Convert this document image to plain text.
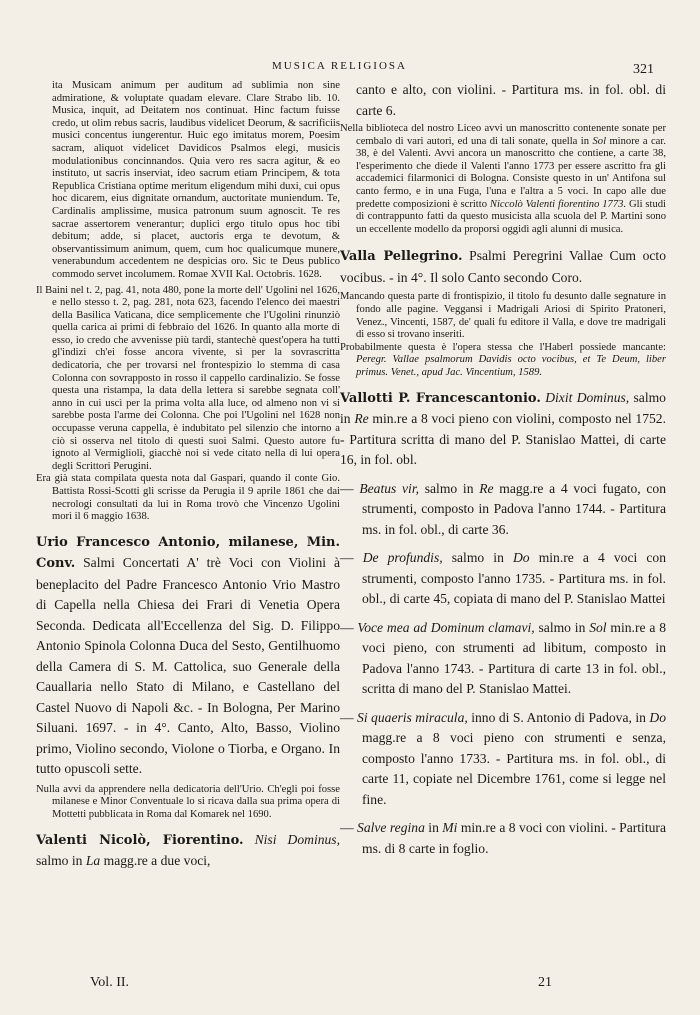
MUSICA RELIGIOSA	321

ita Musicam animum per auditum ad sublimia non sine admiratione, & voluptate quadam elevare. Clare Strabo lib. 10. Musica, inquit, ad Deitatem nos continuat. Hinc factum fuisse credo, ut olim rebus sacris, laudibus videlicet Deorum, & sacrificiis musici concentus iungerentur. Huic ego imitatus morem, Poesim sacram, aliquot videlicet Davidicos Psalmos elegi, musicis modulationibus concinnandos. Quia vero res sacra agitur, & eo instituto, ut sacris inserviat, ideo sacrum etiam Principem, & tota Republica Cristiana optime meritum eligendum mihi duxi, cui opus hoc dicarem, eius dignitate ornandum, auctoritate muniendum. Te, Cardinalis amplissime, musica patronum suum agnoscit. Te res sacrae assertorem venerantur; duplici ergo titulo opus hoc tibi debitum; adde, si placet, auctoris erga te devotum, & observantissimum animum, quem, cum hoc qualicumque munere, venerabundum accedentem ne despicias oro. Sic te Deus publico commodo servet incolumem. Romae XVII Kal. Octobris. 1628.

Il Baini nel t. 2, pag. 41, nota 480, pone la morte dell' Ugolini nel 1626, e nello stesso t. 2, pag. 281, nota 623, facendo l'elenco dei maestri della Basilica Vaticana, dice semplicemente che l'Ugolini rinunziò quella carica ai primi di febbraio del 1626. In quanto alla morte di esso, io credo che avvenisse più tardi, stantechè quest'opera ha tutti gl'indizi ch'ei fosse ancora vivente, sì per la sovrascritta dedicatoria, che per trovarsi nel frontespizio lo stemma di casa Colonna con sovrapposto in rosso il cappello cardinalizio. Se fosse questa una ristampa, la data della lettera si sarebbe segnata coll' anno in cui uscì per la prima volta alla luce, od almeno non vi si sarebbe posta l'arme dei Colonna. Che poi l'Ugolini nel 1628 non occupasse veruna cappella, è indubitato pel silenzio che intorno a ciò si osserva nel titolo di questi suoi Salmi. Questo autore fu ignoto al Vermiglioli, giacchè noi si vede citato nella di lui opera degli Scrittori Perugini.

Era già stata compilata questa nota dal Gaspari, quando il conte Gio. Battista Rossi-Scotti gli scrisse da Perugia il 9 aprile 1861 che dai necrologi consultati da lui in Roma trovò che Vincenzo Ugolini morì il 6 maggio 1638.

Urio Francesco Antonio, milanese, Min. Conv. Salmi Concertati A' trè Voci con Violini à beneplacito del Padre Francesco Antonio Vrio Mastro di Capella nella Chiesa dei Frari di Venetia Opera Seconda. Dedicata all'Eccellenza del Sig. D. Filippo Antonio Spinola Colonna Duca del Sesto, Gentilhuomo della Camera di S. M. Cattolica, suo Generale della Cauallaria nello Stato di Milano, e Castellano del Castel Nuovo di Napoli &c. - In Bologna, Per Marino Siluani. 1697. - in 4°. Canto, Alto, Basso, Violino primo, Violino secondo, Violone o Tiorba, e Organo. In tutto opuscoli sette.

Nulla avvi da apprendere nella dedicatoria dell'Urio. Ch'egli poi fosse milanese e Minor Conventuale lo si ricava dalla sua prima opera di Mottetti pubblicata in Roma dal Komarek nel 1690.

Valenti Nicolò, Fiorentino. Nisi Dominus, salmo in La magg.re a due voci,

canto e alto, con violini. - Partitura ms. in fol. obl. di carte 6.

Nella biblioteca del nostro Liceo avvi un manoscritto contenente sonate per cembalo di vari autori, ed una di tali sonate, quella in Sol minore a car. 38, è del Valenti. Avvi ancora un manoscritto che contiene, a carte 38, l'esperimento che diede il Valenti l'anno 1773 per essere ascritto fra gli accademici filarmonici di Bologna. Consiste questo in un' Antifona sul canto fermo, e in una Fuga, l'una e l'altra a 5 voci. In capo alle due predette composizioni è scritto Niccolò Valenti fiorentino 1773. Gli studi di contrappunto fatti da questo musicista alla scuola del P. Martini sono un eccellente modello da proporsi oggidì agli alunni di musica.

Valla Pellegrino. Psalmi Peregrini Vallae Cum octo vocibus. - in 4°. Il solo Canto secondo Coro.

Mancando questa parte di frontispizio, il titolo fu desunto dalle segnature in fondo alle pagine. Veggansi i Madrigali Ariosi di Spirito Pratoneri, Venez., Vincenti, 1587, de' quali fu editore il Valla, e dove tre madrigali di esso si trovano inseriti.

Probabilmente questa è l'opera stessa che l'Haberl possiede mancante: Peregr. Vallae psalmorum Davidis octo vocibus, et Te Deum, liber primus. Venet., apud Jac. Vincentium, 1589.

Vallotti P. Francescantonio. Dixit Dominus, salmo in Re min.re a 8 voci pieno con violini, composto nel 1752. - Partitura scritta di mano del P. Stanislao Mattei, di carte 16, in fol. obl.

— Beatus vir, salmo in Re magg.re a 4 voci fugato, con strumenti, composto in Padova l'anno 1744. - Partitura ms. in fol. obl., di carte 36.

— De profundis, salmo in Do min.re a 4 voci con strumenti, composto l'anno 1735. - Partitura ms. in fol. obl., di carte 45, copiata di mano del P. Stanislao Mattei

— Voce mea ad Dominum clamavi, salmo in Sol min.re a 8 voci pieno, con strumenti ad libitum, composto in Padova l'anno 1743. - Partitura di carte 13 in fol. obl., scritta di mano del P. Stanislao Mattei.

— Si quaeris miracula, inno di S. Antonio di Padova, in Do magg.re a 8 voci pieno con strumenti e senza, composto l'anno 1733. - Partitura ms. in fol. obl., di carte 11, copiate nel Dicembre 1761, come si legge nel fine.

— Salve regina in Mi min.re a 8 voci con violini. - Partitura ms. di 8 carte in foglio.

Vol. II.	21
